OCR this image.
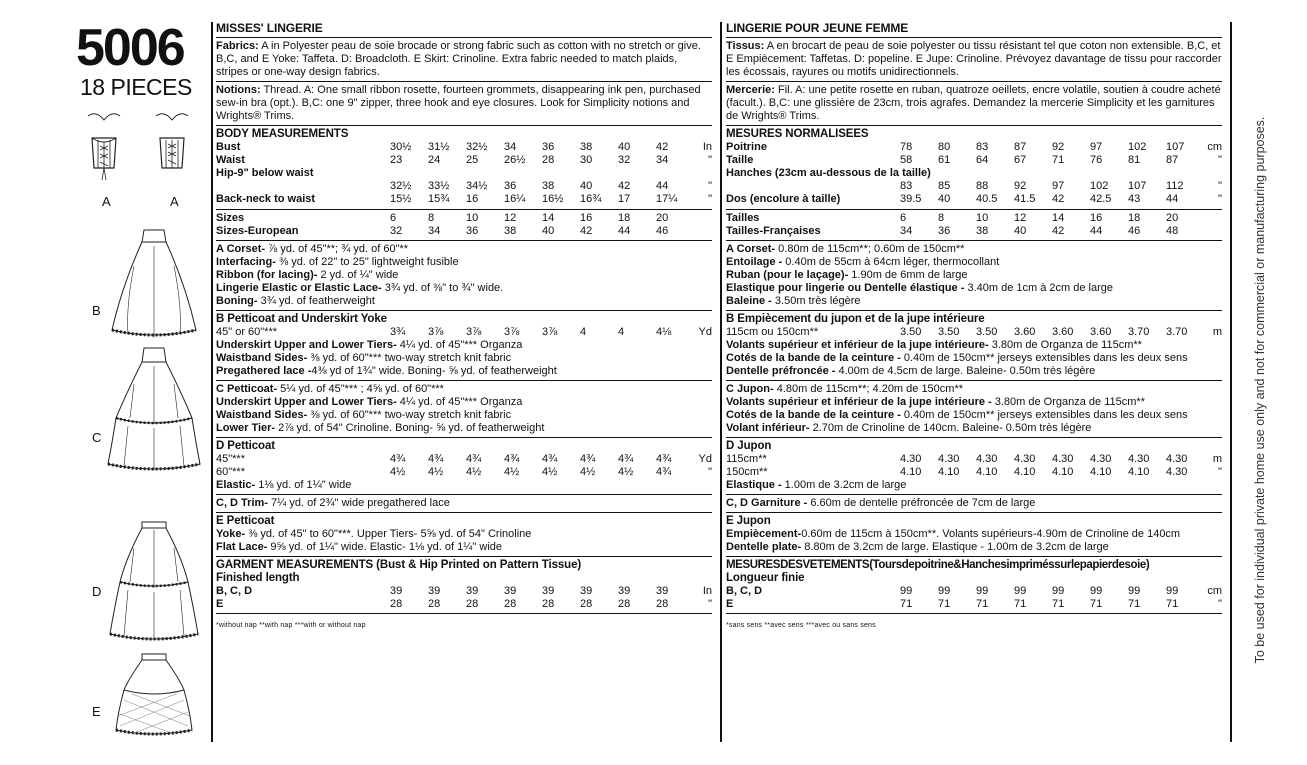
5006
18 PIECES
A	A
B
C
D
E
MISSES' LINGERIE

Fabrics: A in Polyester peau de soie brocade or strong fabric such as cotton with no stretch or give. B,C, and E Yoke: Taffeta. D: Broadcloth. E Skirt: Crinoline. Extra fabric needed to match plaids, stripes or one-way design fabrics.

Notions: Thread. A: One small ribbon rosette, fourteen grommets, disappearing ink pen, purchased sew-in bra (opt.). B,C: one 9" zipper, three hook and eye closures. Look for Simplicity notions and Wrights® Trims.

BODY MEASUREMENTS
Bust	30½	31½	32½	34	36	38	40	42	In
Waist	23	24	25	26½	28	30	32	34	"
Hip-9" below waist
32½	33½	34½	36	38	40	42	44	"
Back-neck to waist	15½	15¾	16	16¼	16½	16¾	17	17¼	"
Sizes	6	8	10	12	14	16	18	20
Sizes-European	32	34	36	38	40	42	44	46
A Corset- ⅞ yd. of 45"**; ¾ yd. of 60"**
Interfacing- ⅜ yd. of 22" to 25" lightweight fusible
Ribbon (for lacing)- 2 yd. of ¼" wide
Lingerie Elastic or Elastic Lace- 3¾ yd. of ⅜" to ¾" wide.
Boning- 3¾ yd. of featherweight
B Petticoat and Underskirt Yoke
45" or 60"***	3¾	3⅞	3⅞	3⅞	3⅞	4	4	4⅛	Yd
Underskirt Upper and Lower Tiers- 4¼ yd. of 45"*** Organza
Waistband Sides- ⅜ yd. of 60"*** two-way stretch knit fabric
Pregathered lace -4⅜ yd of 1¾" wide. Boning- ⅝ yd. of featherweight
C Petticoat- 5¼ yd. of 45"*** ; 4⅝ yd. of 60"***
Underskirt Upper and Lower Tiers- 4¼ yd. of 45"*** Organza
Waistband Sides- ⅜ yd. of 60"*** two-way stretch knit fabric
Lower Tier- 2⅞ yd. of 54" Crinoline. Boning- ⅝ yd. of featherweight
D Petticoat
45"***	4¾	4¾	4¾	4¾	4¾	4¾	4¾	4¾	Yd
60"***	4½	4½	4½	4½	4½	4½	4½	4¾	"
Elastic- 1⅛ yd. of 1¼" wide
C, D Trim- 7¼ yd. of 2¾" wide pregathered lace
E Petticoat
Yoke- ⅜ yd. of 45" to 60"***. Upper Tiers- 5⅝ yd. of 54" Crinoline
Flat Lace- 9⅝ yd. of 1¼" wide. Elastic- 1⅛ yd. of 1¼" wide
GARMENT MEASUREMENTS (Bust & Hip Printed on Pattern Tissue)
Finished length
B, C, D	39	39	39	39	39	39	39	39	In
E	28	28	28	28	28	28	28	28	"
*without nap **with nap ***with or without nap
LINGERIE POUR JEUNE FEMME

Tissus: A en brocart de peau de soie polyester ou tissu résistant tel que coton non extensible. B,C, et E Empiècement: Taffetas. D: popeline. E Jupe: Crinoline. Prévoyez davantage de tissu pour raccorder les écossais, rayures ou motifs unidirectionnels.

Mercerie: Fil. A: une petite rosette en ruban, quatroze oeillets, encre volatile, soutien à coudre acheté (facult.). B,C: une glissière de 23cm, trois agrafes. Demandez la mercerie Simplicity et les garnitures de Wrights® Trims.

MESURES NORMALISEES
Poitrine	78	80	83	87	92	97	102	107	cm
Taille	58	61	64	67	71	76	81	87	"
Hanches (23cm au-dessous de la taille)
83	85	88	92	97	102	107	112	"
Dos (encolure à taille)	39.5	40	40.5	41.5	42	42.5	43	44	"
Tailles	6	8	10	12	14	16	18	20
Tailles-Françaises	34	36	38	40	42	44	46	48
A Corset- 0.80m de 115cm**; 0.60m de 150cm**
Entoilage - 0.40m de 55cm à 64cm léger, thermocollant
Ruban (pour le laçage)- 1.90m de 6mm de large
Elastique pour lingerie ou Dentelle élastique - 3.40m de 1cm à 2cm de large
Baleine - 3.50m très légère
B Empiècement du jupon et de la jupe intérieure
115cm ou 150cm**	3.50	3.50	3.50	3.60	3.60	3.60	3.70	3.70	m
Volants supérieur et inférieur de la jupe intérieure- 3.80m de Organza de 115cm**
Cotés de la bande de la ceinture - 0.40m de 150cm** jerseys extensibles dans les deux sens
Dentelle préfroncée - 4.00m de 4.5cm de large. Baleine- 0.50m très légère
C Jupon- 4.80m de 115cm**; 4.20m de 150cm**
Volants supérieur et inférieur de la jupe intérieure - 3.80m de Organza de 115cm**
Cotés de la bande de la ceinture - 0.40m de 150cm** jerseys extensibles dans les deux sens
Volant inférieur- 2.70m de Crinoline de 140cm. Baleine- 0.50m très légère
D Jupon
115cm**	4.30	4.30	4.30	4.30	4.30	4.30	4.30	4.30	m
150cm**	4.10	4.10	4.10	4.10	4.10	4.10	4.10	4.30	"
Elastique - 1.00m de 3.2cm de large
C, D Garniture - 6.60m de dentelle préfroncée de 7cm de large
E Jupon
Empiècement-0.60m de 115cm à 150cm**. Volants supérieurs-4.90m de Crinoline de 140cm
Dentelle plate- 8.80m de 3.2cm de large. Elastique - 1.00m de 3.2cm de large
MESURESDESVETEMENTS(Toursdepoitrine&Hanchesimpriméssurlepapierdesoie)
Longueur finie
B, C, D	99	99	99	99	99	99	99	99	cm
E	71	71	71	71	71	71	71	71	"
*sans sens **avec sens ***avec ou sans sens	To be used for individual private home use only and not for commercial or manufacturing purposes.
